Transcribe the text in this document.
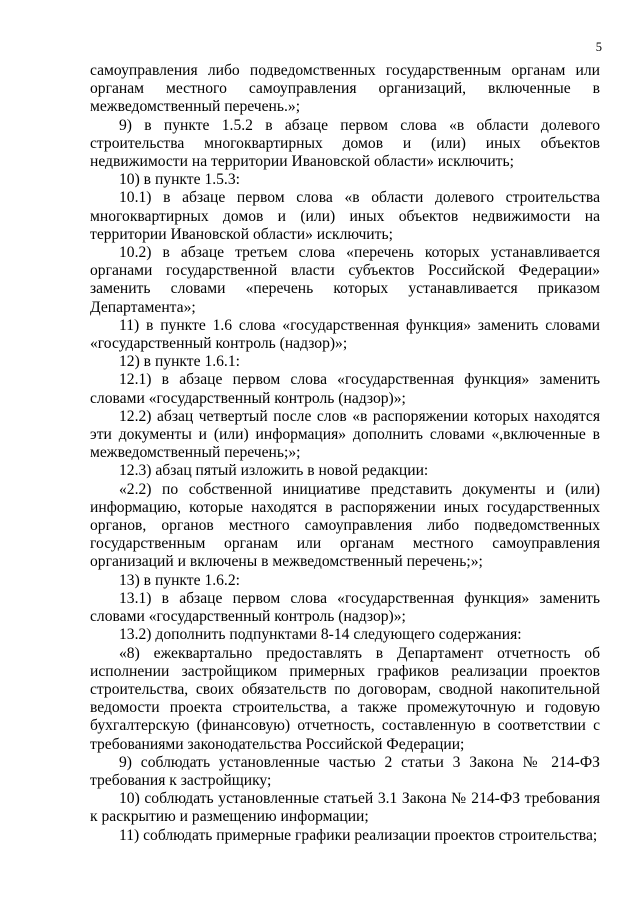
5

самоуправления либо подведомственных государственным органам или органам местного самоуправления организаций, включенные в межведомственный перечень.»;

9) в пункте 1.5.2 в абзаце первом слова «в области долевого строительства многоквартирных домов и (или) иных объектов недвижимости на территории Ивановской области» исключить;

10) в пункте 1.5.3:

10.1) в абзаце первом слова «в области долевого строительства многоквартирных домов и (или) иных объектов недвижимости на территории Ивановской области» исключить;

10.2) в абзаце третьем слова «перечень которых устанавливается органами государственной власти субъектов Российской Федерации» заменить словами «перечень которых устанавливается приказом Департамента»;

11) в пункте 1.6 слова «государственная функция» заменить словами «государственный контроль (надзор)»;

12) в пункте 1.6.1:

12.1) в абзаце первом слова «государственная функция» заменить словами «государственный контроль (надзор)»;

12.2) абзац четвертый после слов «в распоряжении которых находятся эти документы и (или) информация» дополнить словами «,включенные в межведомственный перечень;»;

12.3) абзац пятый изложить в новой редакции:

«2.2) по собственной инициативе представить документы и (или) информацию, которые находятся в распоряжении иных государственных органов, органов местного самоуправления либо подведомственных государственным органам или органам местного самоуправления организаций и включены в межведомственный перечень;»;

13) в пункте 1.6.2:

13.1) в абзаце первом слова «государственная функция» заменить словами «государственный контроль (надзор)»;

13.2) дополнить подпунктами 8-14 следующего содержания:

«8) ежеквартально предоставлять в Департамент отчетность об исполнении застройщиком примерных графиков реализации проектов строительства, своих обязательств по договорам, сводной накопительной ведомости проекта строительства, а также промежуточную и годовую бухгалтерскую (финансовую) отчетность, составленную в соответствии с требованиями законодательства Российской Федерации;

9) соблюдать установленные частью 2 статьи 3 Закона № 214-ФЗ требования к застройщику;

10) соблюдать установленные статьей 3.1 Закона № 214-ФЗ требования к раскрытию и размещению информации;

11) соблюдать примерные графики реализации проектов строительства;
